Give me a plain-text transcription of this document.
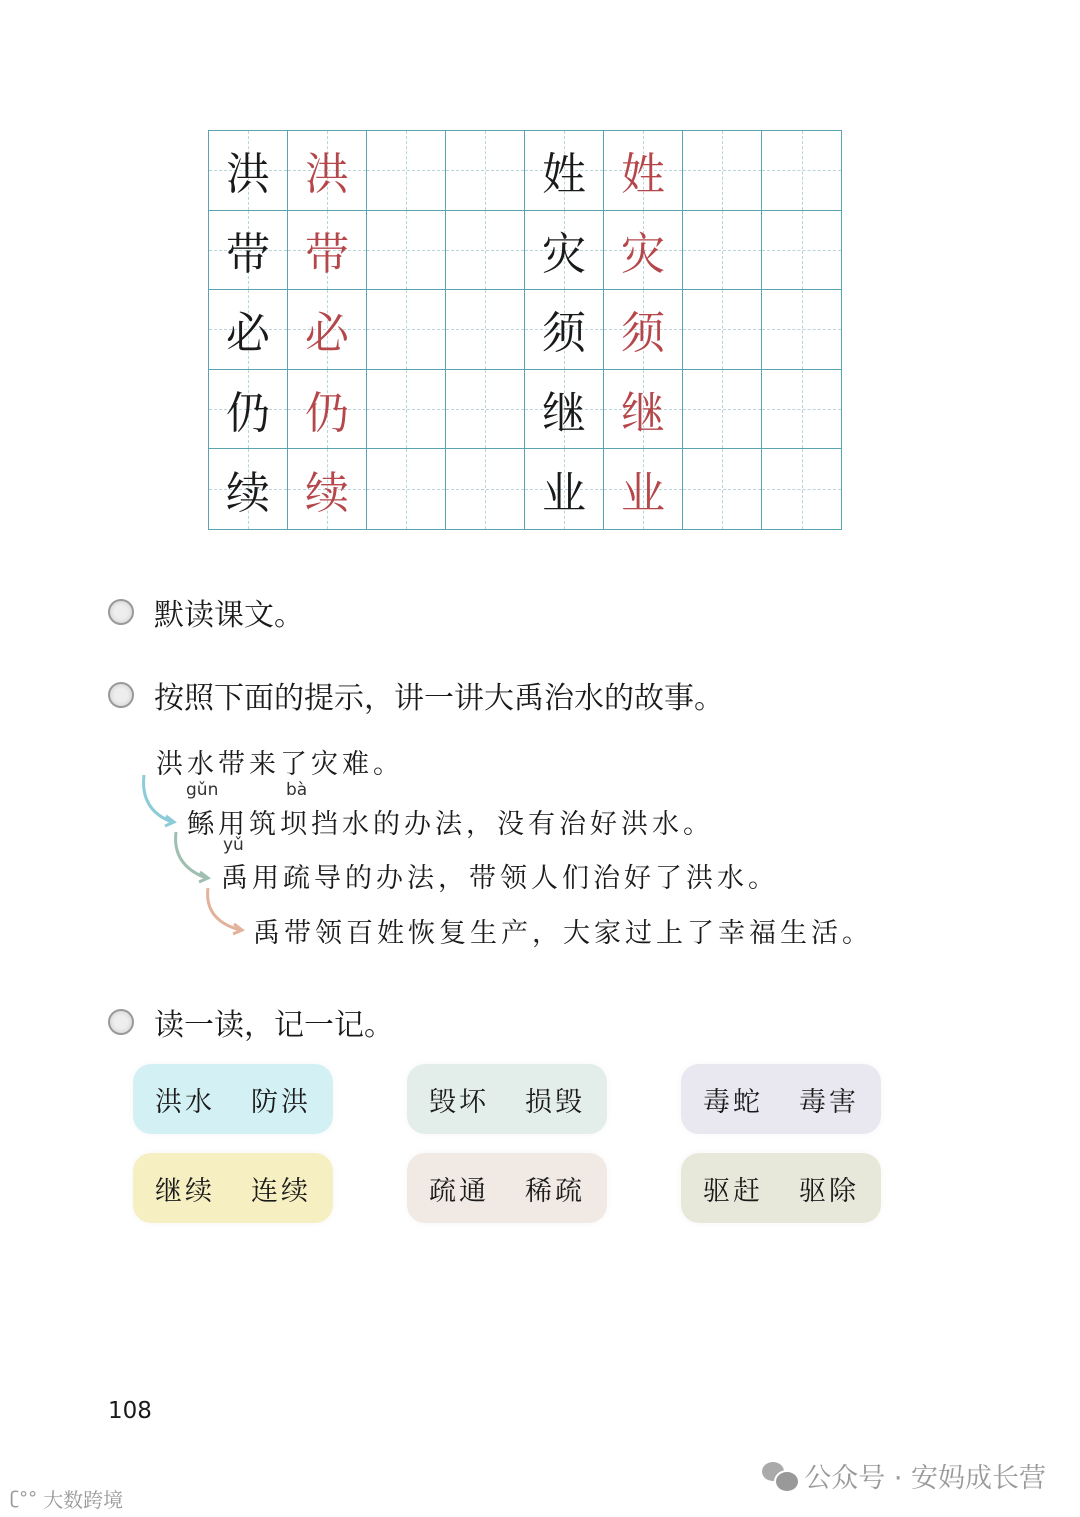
洪 洪	姓 姓
带 带	灾 灾
必 必	须 须
仍 仍	继 继
续 续	业 业
默读课文。
按照下面的提示，讲一讲大禹治水的故事。
洪水带来了灾难。
gǔn	bà
鲧用筑坝挡水的办法，没有治好洪水。
yǔ
禹用疏导的办法，带领人们治好了洪水。
禹带领百姓恢复生产，大家过上了幸福生活。
读一读，记一记。
洪水 防洪	毁坏 损毁	毒蛇 毒害
继续 连续	疏通 稀疏	驱赶 驱除
108
公众号 · 安妈成长营
ʗ°° 大数跨境
